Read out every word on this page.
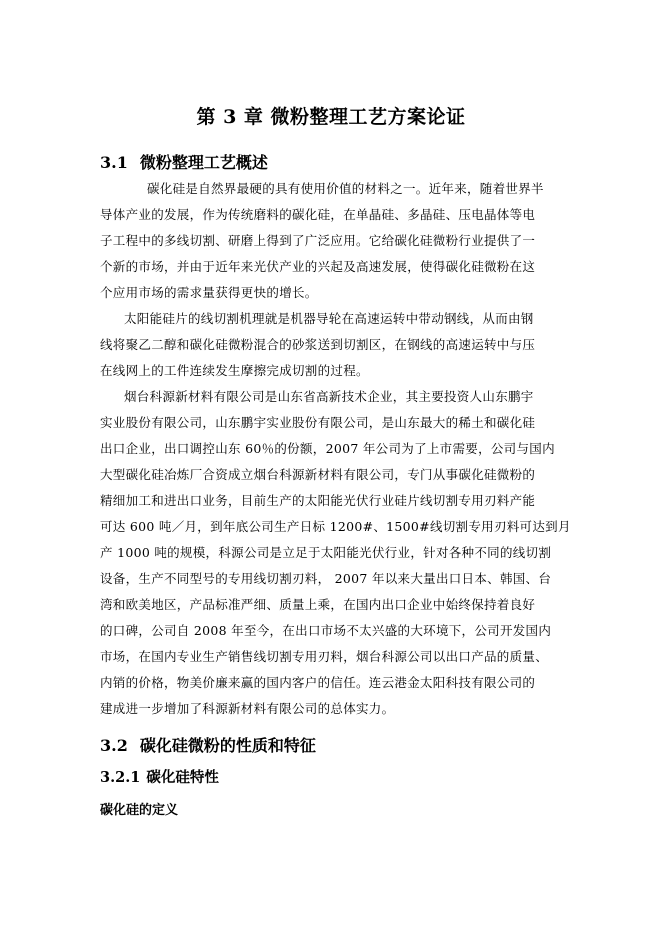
第 3 章 微粉整理工艺方案论证
3.1 微粉整理工艺概述
碳化硅是自然界最硬的具有使用价值的材料之一。近年来，随着世界半
导体产业的发展，作为传统磨料的碳化硅，在单晶硅、多晶硅、压电晶体等电
子工程中的多线切割、研磨上得到了广泛应用。它给碳化硅微粉行业提供了一
个新的市场，并由于近年来光伏产业的兴起及高速发展，使得碳化硅微粉在这
个应用市场的需求量获得更快的增长。
太阳能硅片的线切割机理就是机器导轮在高速运转中带动钢线，从而由钢
线将聚乙二醇和碳化硅微粉混合的砂浆送到切割区，在钢线的高速运转中与压
在线网上的工件连续发生摩擦完成切割的过程。
烟台科源新材料有限公司是山东省高新技术企业，其主要投资人山东鹏宇
实业股份有限公司，山东鹏宇实业股份有限公司，是山东最大的稀土和碳化硅
出口企业，出口调控山东 60％的份额，2007 年公司为了上市需要，公司与国内
大型碳化硅冶炼厂合资成立烟台科源新材料有限公司，专门从事碳化硅微粉的
精细加工和进出口业务，目前生产的太阳能光伏行业硅片线切割专用刃料产能
可达 600 吨／月，到年底公司生产日标 1200#、1500#线切割专用刃料可达到月
产 1000 吨的规模，科源公司是立足于太阳能光伏行业，针对各种不同的线切割
设备，生产不同型号的专用线切割刃料， 2007 年以来大量出口日本、韩国、台
湾和欧美地区，产品标准严细、质量上乘，在国内出口企业中始终保持着良好
的口碑，公司自 2008 年至今，在出口市场不太兴盛的大环境下，公司开发国内
市场，在国内专业生产销售线切割专用刃料，烟台科源公司以出口产品的质量、
内销的价格，物美价廉来赢的国内客户的信任。连云港金太阳科技有限公司的
建成进一步增加了科源新材料有限公司的总体实力。
3.2 碳化硅微粉的性质和特征
3.2.1 碳化硅特性
碳化硅的定义
